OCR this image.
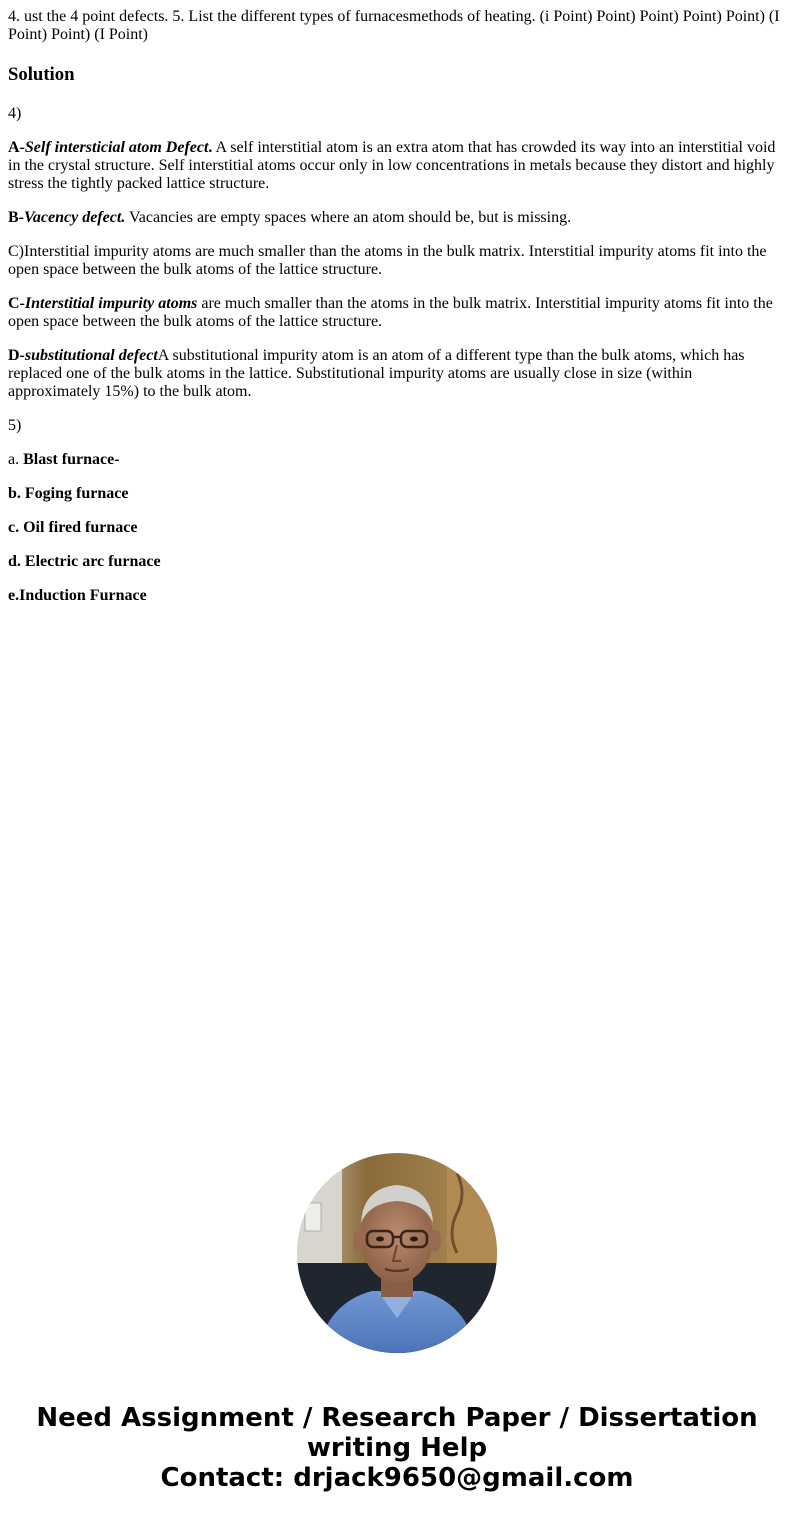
4. ust the 4 point defects. 5. List the different types of furnacesmethods of heating. (i Point) Point) Point) Point) Point) (I Point) Point) (I Point)

Solution

4)

A-Self intersticial atom Defect. A self interstitial atom is an extra atom that has crowded its way into an interstitial void in the crystal structure. Self interstitial atoms occur only in low concentrations in metals because they distort and highly stress the tightly packed lattice structure.

B-Vacency defect. Vacancies are empty spaces where an atom should be, but is missing.

C)Interstitial impurity atoms are much smaller than the atoms in the bulk matrix. Interstitial impurity atoms fit into the open space between the bulk atoms of the lattice structure.

C-Interstitial impurity atoms are much smaller than the atoms in the bulk matrix. Interstitial impurity atoms fit into the open space between the bulk atoms of the lattice structure.

D-substitutional defectA substitutional impurity atom is an atom of a different type than the bulk atoms, which has replaced one of the bulk atoms in the lattice. Substitutional impurity atoms are usually close in size (within approximately 15%) to the bulk atom.

5)

a. Blast furnace-

b. Foging furnace

c. Oil fired furnace

d. Electric arc furnace

e.Induction Furnace

Need Assignment / Research Paper / Dissertation
writing Help
Contact: drjack9650@gmail.com
